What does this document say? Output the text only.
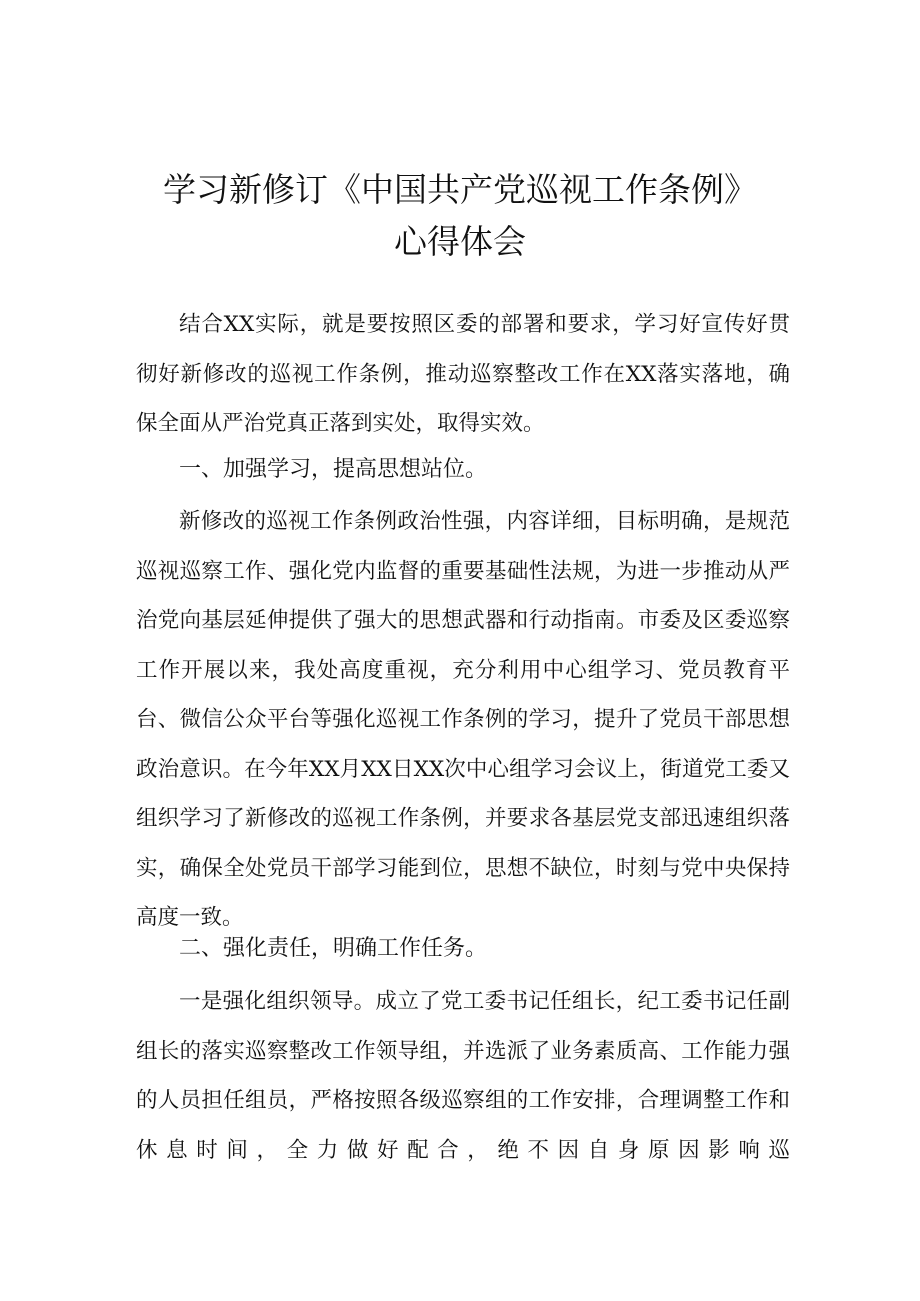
学习新修订《中国共产党巡视工作条例》
心得体会

结合XX实际，就是要按照区委的部署和要求，学习好宣传好贯彻好新修改的巡视工作条例，推动巡察整改工作在XX落实落地，确保全面从严治党真正落到实处，取得实效。

一、加强学习，提高思想站位。

新修改的巡视工作条例政治性强，内容详细，目标明确，是规范巡视巡察工作、强化党内监督的重要基础性法规，为进一步推动从严治党向基层延伸提供了强大的思想武器和行动指南。市委及区委巡察工作开展以来，我处高度重视，充分利用中心组学习、党员教育平台、微信公众平台等强化巡视工作条例的学习，提升了党员干部思想政治意识。在今年XX月XX日XX次中心组学习会议上，街道党工委又组织学习了新修改的巡视工作条例，并要求各基层党支部迅速组织落实，确保全处党员干部学习能到位，思想不缺位，时刻与党中央保持高度一致。

二、强化责任，明确工作任务。

一是强化组织领导。成立了党工委书记任组长，纪工委书记任副组长的落实巡察整改工作领导组，并选派了业务素质高、工作能力强的人员担任组员，严格按照各级巡察组的工作安排，合理调整工作和休息时间，全力做好配合，绝不因自身原因影响巡
